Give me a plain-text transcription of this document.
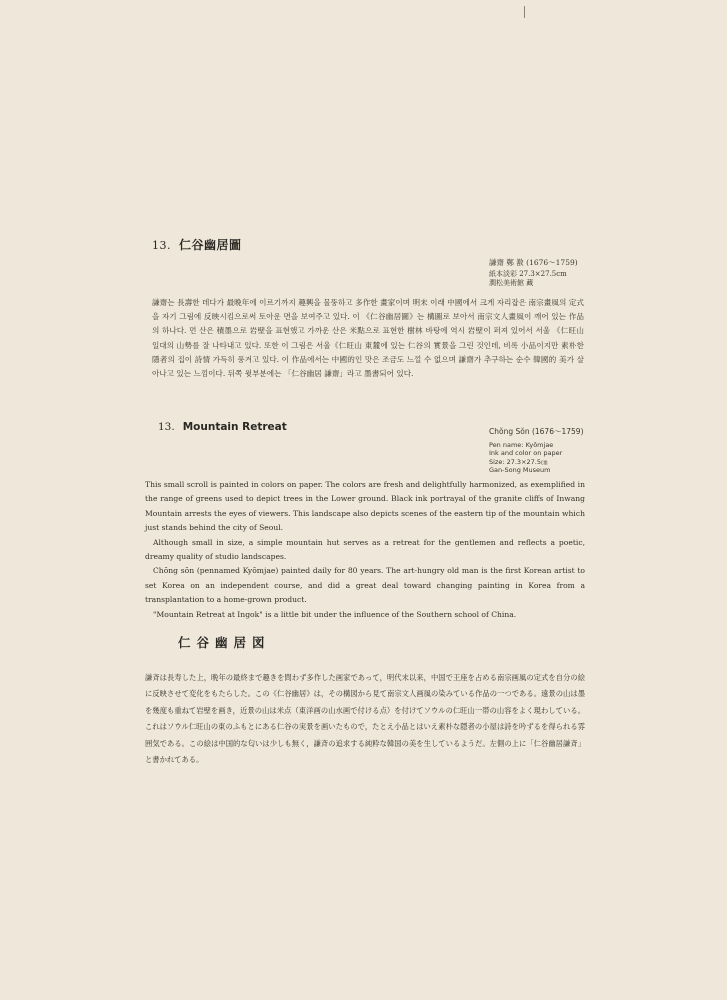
13. 仁谷幽居圖
謙齋 鄭 敾 (1676～1759)
紙本淡彩 27.3×27.5cm
澗松美術館 藏

謙齋는 長壽한 데다가 最晩年에 이르기까지 趣興을 물뚱하고 多作한 畫家이며 明末 이래 中國에서 크게 자리잡은 南宗畫風의 定式을 자기 그림에 反映시킴으로써 토아운 면을 보여주고 있다. 이 《仁谷幽居圖》는 構圖로 보아서 南宗文人畫風이 깨어 있는 作品의 하나다. 먼 산은 積墨으로 岩壁을 표현했고 가까운 산은 米點으로 표현한 樹林 바탕에 역시 岩壁이 퍼져 있어서 서울 《仁旺山 일대의 山勢를 잘 나타내고 있다. 또한 이 그림은 서울《仁旺山 東麓에 있는 仁谷의 實景을 그린 것인데, 비록 小品이지만 素朴한 隱者의 집이 詩情 가득히 풍겨고 있다. 이 作品에서는 中國的인 맛은 조금도 느낄 수 없으며 謙齋가 추구하는 순수 韓國的 美가 살아나고 있는 느낌이다. 뒤쪽 윗부분에는 「仁谷幽居 謙齋」라고 墨書되어 있다.

13. Mountain Retreat	Chŏng Sŏn (1676～1759)
Pen name: Kyŏmjae
Ink and color on paper
Size: 27.3×27.5㎝
Gan-Song Museum

This small scroll is painted in colors on paper. The colors are fresh and delightfully harmonized, as exemplified in the range of greens used to depict trees in the Lower ground. Black ink portrayal of the granite cliffs of Inwang Mountain arrests the eyes of viewers. This landscape also depicts scenes of the eastern tip of the mountain which just stands behind the city of Seoul.

Although small in size, a simple mountain hut serves as a retreat for the gentlemen and reflects a poetic, dreamy quality of studio landscapes.

Chŏng sŏn (pennamed Kyŏmjae) painted daily for 80 years. The art-hungry old man is the first Korean artist to set Korea on an independent course, and did a great deal toward changing painting in Korea from a transplantation to a home-grown product.

"Mountain Retreat at Ingok" is a little bit under the influence of the Southern school of China.

仁谷幽居図

謙斉は長寿した上，晩年の最終まで趣きを問わず多作した画家であって，明代末以来，中国で王座を占める南宗画風の定式を自分の絵に反映させて変化をもたらした。この《仁谷幽居》は，その構図から見て南宗文人画風の染みている作品の一つである。遠景の山は墨を幾度も重ねて岩壁を画き，近景の山は米点（東洋画の山水画で付ける点）を付けてソウルの仁旺山一帯の山容をよく現わしている。これはソウル仁旺山の東のふもとにある仁谷の実景を画いたもので，たとえ小品とはいえ素朴な隠者の小屋は詩を吟ずるを得られる雰囲気である。この絵は中国的な匂いは少しも無く，謙斉の追求する純粋な韓国の美を生しているようだ。左側の上に「仁谷幽居謙斉」と書かれてある。
